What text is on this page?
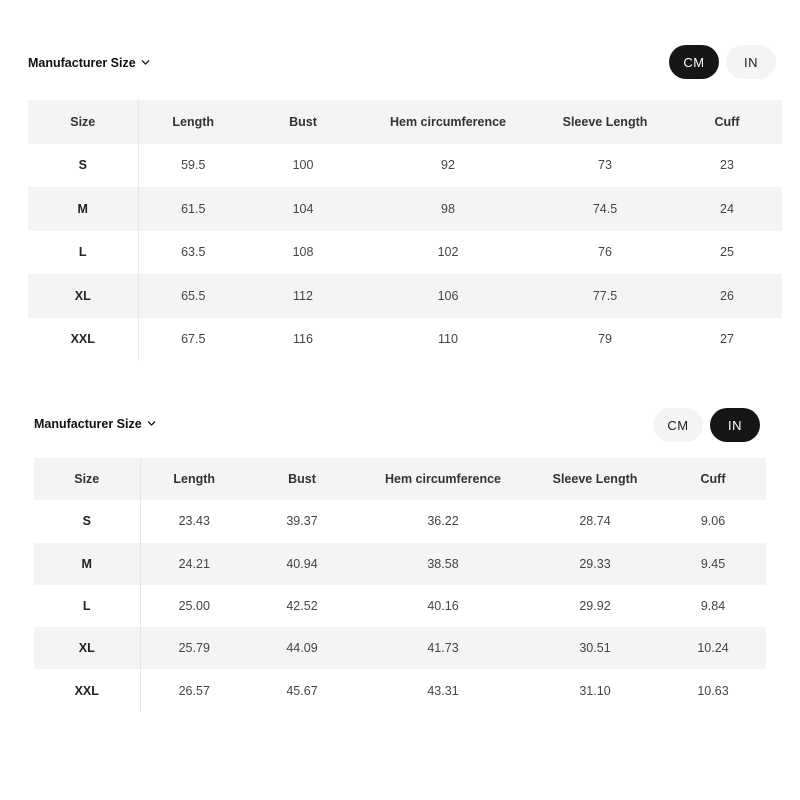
Manufacturer Size	CM	IN
Size	Length	Bust	Hem circumference	Sleeve Length	Cuff
S	59.5	100	92	73	23
M	61.5	104	98	74.5	24
L	63.5	108	102	76	25
XL	65.5	112	106	77.5	26
XXL	67.5	116	110	79	27
Manufacturer Size	CM	IN
Size	Length	Bust	Hem circumference	Sleeve Length	Cuff
S	23.43	39.37	36.22	28.74	9.06
M	24.21	40.94	38.58	29.33	9.45
L	25.00	42.52	40.16	29.92	9.84
XL	25.79	44.09	41.73	30.51	10.24
XXL	26.57	45.67	43.31	31.10	10.63
